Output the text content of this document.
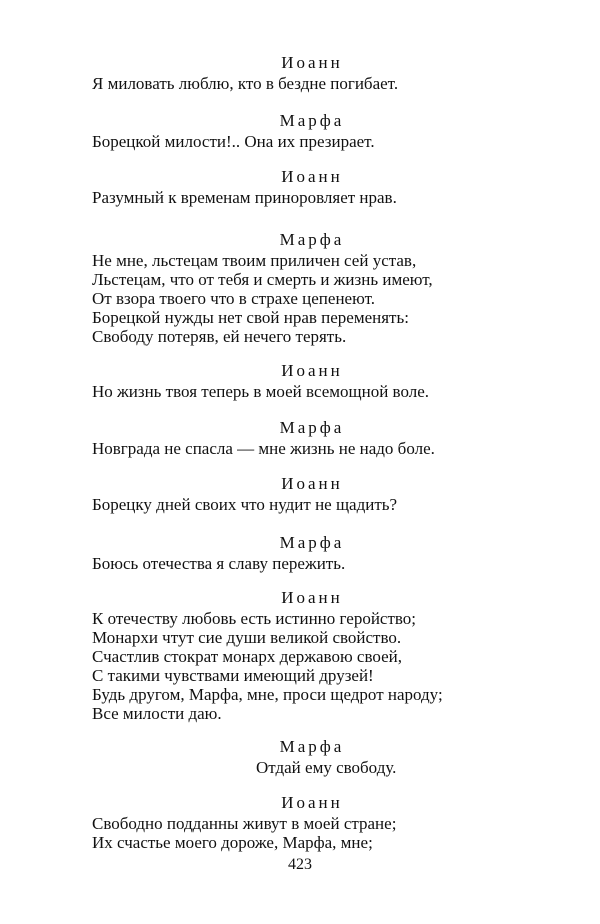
Иоанн
Я миловать люблю, кто в бездне погибает.
Марфа
Борецкой милости!.. Она их презирает.
Иоанн
Разумный к временам приноровляет нрав.
Марфа
Не мне, льстецам твоим приличен сей устав,
Льстецам, что от тебя и смерть и жизнь имеют,
От взора твоего что в страхе цепенеют.
Борецкой нужды нет свой нрав переменять:
Свободу потеряв, ей нечего терять.
Иоанн
Но жизнь твоя теперь в моей всемощной воле.
Марфа
Новграда не спасла — мне жизнь не надо боле.
Иоанн
Борецку дней своих что нудит не щадить?
Марфа
Боюсь отечества я славу пережить.
Иоанн
К отечеству любовь есть истинно геройство;
Монархи чтут сие души великой свойство.
Счастлив стократ монарх державою своей,
С такими чувствами имеющий друзей!
Будь другом, Марфа, мне, проси щедрот народу;
Все милости даю.
Марфа
Отдай ему свободу.
Иоанн
Свободно подданны живут в моей стране;
Их счастье моего дороже, Марфа, мне;
423
